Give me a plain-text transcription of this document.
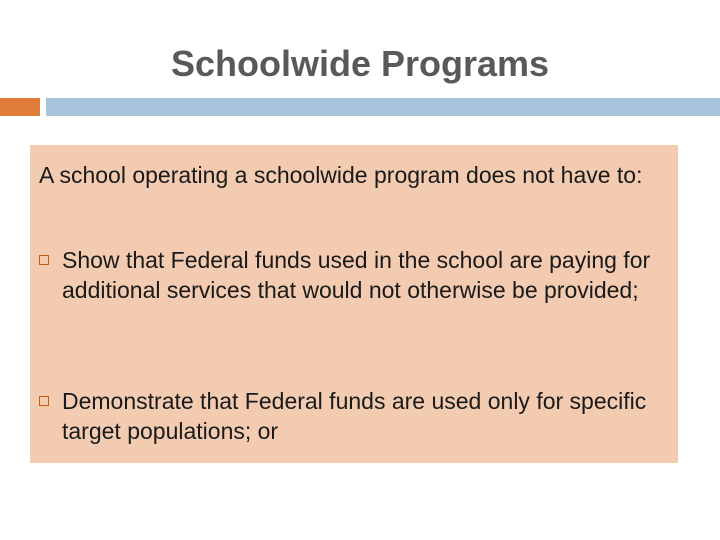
Schoolwide Programs
A school operating a schoolwide program does not have to:
Show that Federal funds used in the school are paying for additional services that would not otherwise be provided;
Demonstrate that Federal funds are used only for specific target populations; or
